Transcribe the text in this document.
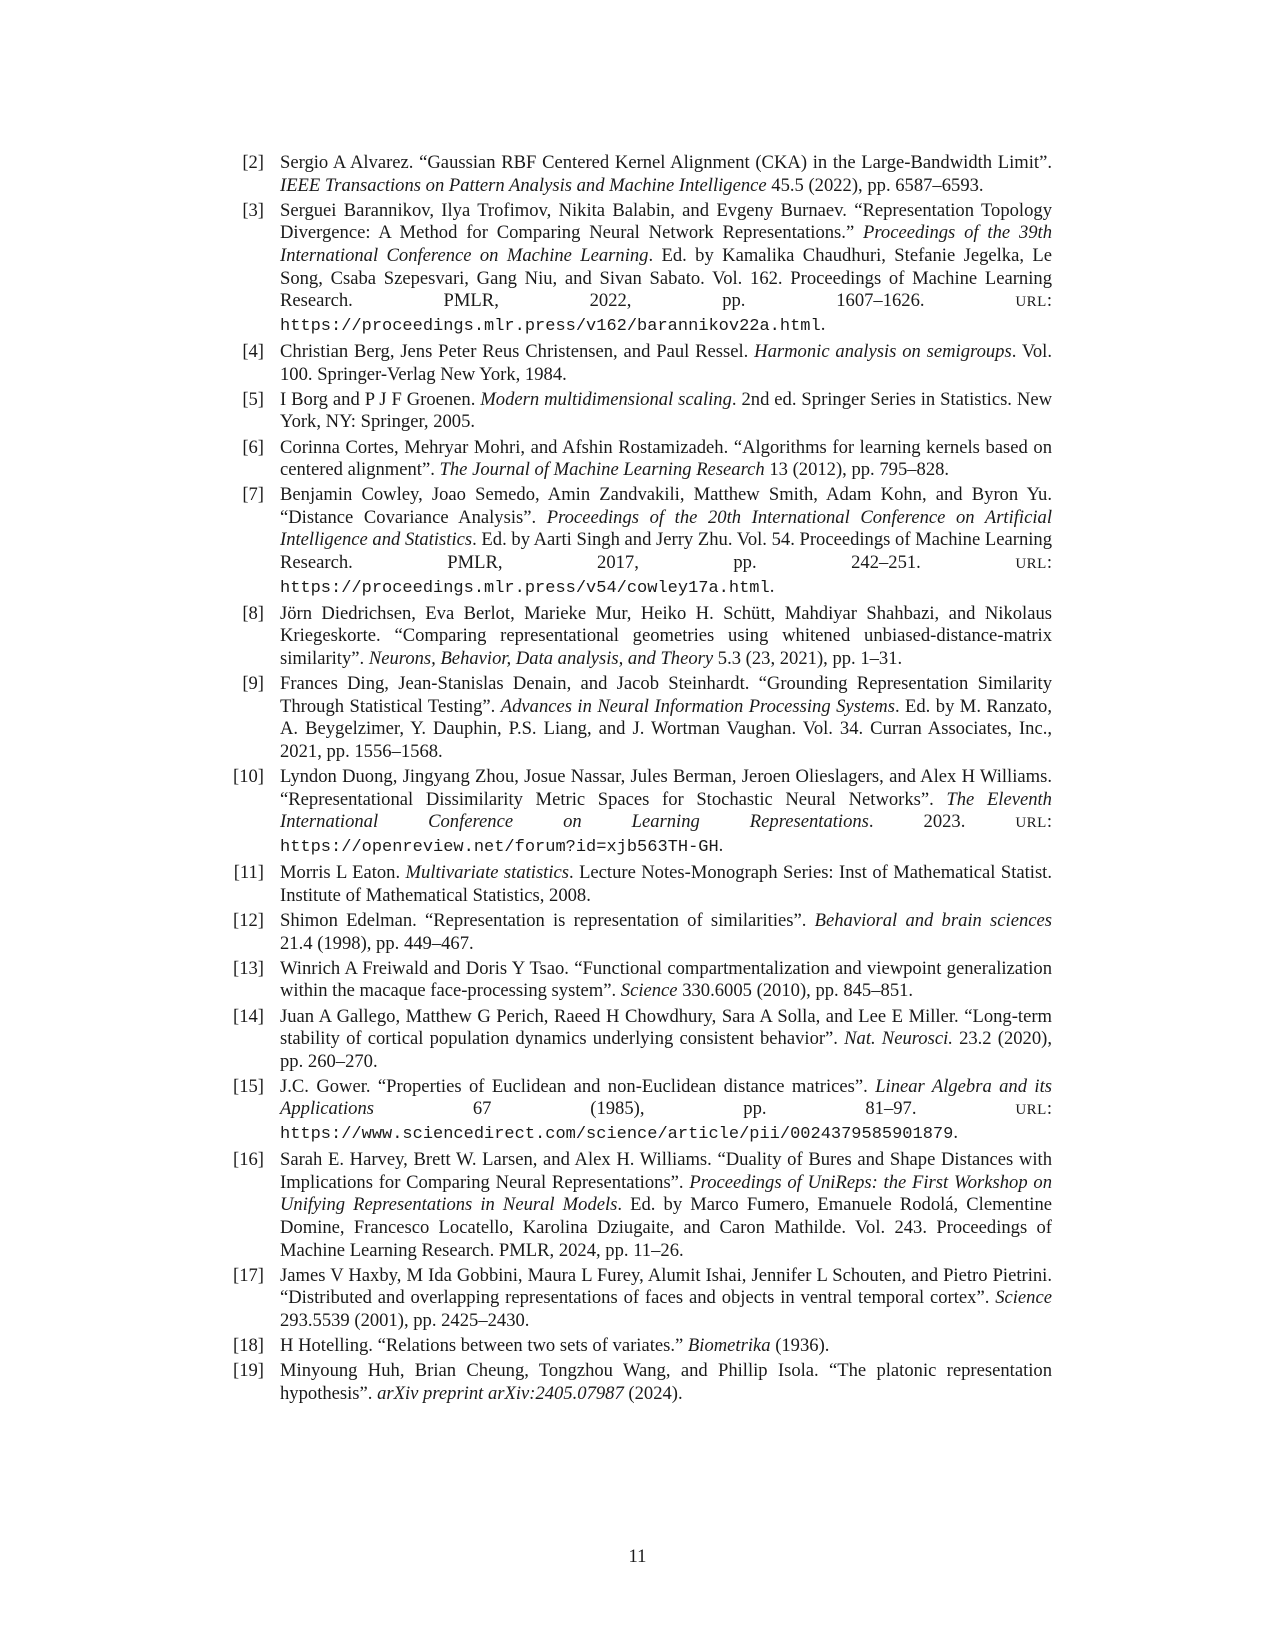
[2] Sergio A Alvarez. “Gaussian RBF Centered Kernel Alignment (CKA) in the Large-Bandwidth Limit”. IEEE Transactions on Pattern Analysis and Machine Intelligence 45.5 (2022), pp. 6587–6593.
[3] Serguei Barannikov, Ilya Trofimov, Nikita Balabin, and Evgeny Burnaev. “Representation Topology Divergence: A Method for Comparing Neural Network Representations.” Proceedings of the 39th International Conference on Machine Learning. Ed. by Kamalika Chaudhuri, Stefanie Jegelka, Le Song, Csaba Szepesvari, Gang Niu, and Sivan Sabato. Vol. 162. Proceedings of Machine Learning Research. PMLR, 2022, pp. 1607–1626. URL: https://proceedings.mlr.press/v162/barannikov22a.html.
[4] Christian Berg, Jens Peter Reus Christensen, and Paul Ressel. Harmonic analysis on semigroups. Vol. 100. Springer-Verlag New York, 1984.
[5] I Borg and P J F Groenen. Modern multidimensional scaling. 2nd ed. Springer Series in Statistics. New York, NY: Springer, 2005.
[6] Corinna Cortes, Mehryar Mohri, and Afshin Rostamizadeh. “Algorithms for learning kernels based on centered alignment”. The Journal of Machine Learning Research 13 (2012), pp. 795–828.
[7] Benjamin Cowley, Joao Semedo, Amin Zandvakili, Matthew Smith, Adam Kohn, and Byron Yu. “Distance Covariance Analysis”. Proceedings of the 20th International Conference on Artificial Intelligence and Statistics. Ed. by Aarti Singh and Jerry Zhu. Vol. 54. Proceedings of Machine Learning Research. PMLR, 2017, pp. 242–251. URL: https://proceedings.mlr.press/v54/cowley17a.html.
[8] Jörn Diedrichsen, Eva Berlot, Marieke Mur, Heiko H. Schütt, Mahdiyar Shahbazi, and Nikolaus Kriegeskorte. “Comparing representational geometries using whitened unbiased-distance-matrix similarity”. Neurons, Behavior, Data analysis, and Theory 5.3 (23, 2021), pp. 1–31.
[9] Frances Ding, Jean-Stanislas Denain, and Jacob Steinhardt. “Grounding Representation Similarity Through Statistical Testing”. Advances in Neural Information Processing Systems. Ed. by M. Ranzato, A. Beygelzimer, Y. Dauphin, P.S. Liang, and J. Wortman Vaughan. Vol. 34. Curran Associates, Inc., 2021, pp. 1556–1568.
[10] Lyndon Duong, Jingyang Zhou, Josue Nassar, Jules Berman, Jeroen Olieslagers, and Alex H Williams. “Representational Dissimilarity Metric Spaces for Stochastic Neural Networks”. The Eleventh International Conference on Learning Representations. 2023. URL: https://openreview.net/forum?id=xjb563TH-GH.
[11] Morris L Eaton. Multivariate statistics. Lecture Notes-Monograph Series: Inst of Mathematical Statist. Institute of Mathematical Statistics, 2008.
[12] Shimon Edelman. “Representation is representation of similarities”. Behavioral and brain sciences 21.4 (1998), pp. 449–467.
[13] Winrich A Freiwald and Doris Y Tsao. “Functional compartmentalization and viewpoint generalization within the macaque face-processing system”. Science 330.6005 (2010), pp. 845–851.
[14] Juan A Gallego, Matthew G Perich, Raeed H Chowdhury, Sara A Solla, and Lee E Miller. “Long-term stability of cortical population dynamics underlying consistent behavior”. Nat. Neurosci. 23.2 (2020), pp. 260–270.
[15] J.C. Gower. “Properties of Euclidean and non-Euclidean distance matrices”. Linear Algebra and its Applications 67 (1985), pp. 81–97. URL: https://www.sciencedirect.com/science/article/pii/0024379585901879.
[16] Sarah E. Harvey, Brett W. Larsen, and Alex H. Williams. “Duality of Bures and Shape Distances with Implications for Comparing Neural Representations”. Proceedings of UniReps: the First Workshop on Unifying Representations in Neural Models. Ed. by Marco Fumero, Emanuele Rodolá, Clementine Domine, Francesco Locatello, Karolina Dziugaite, and Caron Mathilde. Vol. 243. Proceedings of Machine Learning Research. PMLR, 2024, pp. 11–26.
[17] James V Haxby, M Ida Gobbini, Maura L Furey, Alumit Ishai, Jennifer L Schouten, and Pietro Pietrini. “Distributed and overlapping representations of faces and objects in ventral temporal cortex”. Science 293.5539 (2001), pp. 2425–2430.
[18] H Hotelling. “Relations between two sets of variates.” Biometrika (1936).
[19] Minyoung Huh, Brian Cheung, Tongzhou Wang, and Phillip Isola. “The platonic representation hypothesis”. arXiv preprint arXiv:2405.07987 (2024).
11
